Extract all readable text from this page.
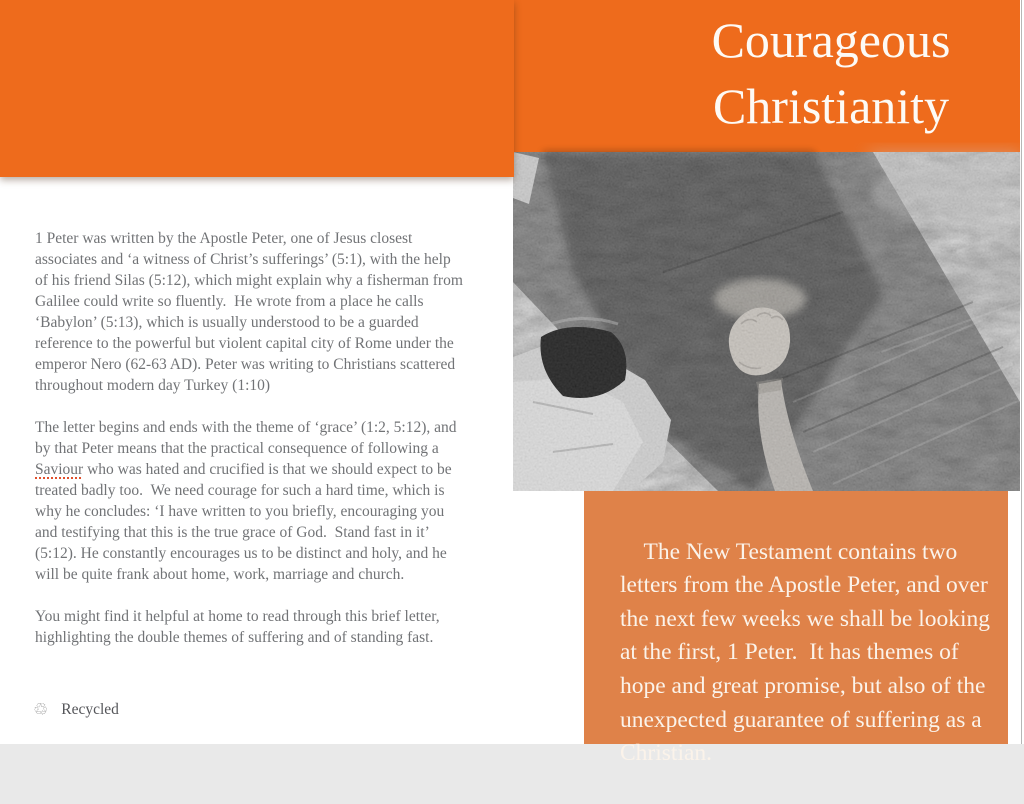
Courageous
Christianity

1 Peter was written by the Apostle Peter, one of Jesus closest associates and ‘a witness of Christ’s sufferings’ (5:1), with the help of his friend Silas (5:12), which might explain why a fisherman from Galilee could write so fluently.  He wrote from a place he calls ‘Babylon’ (5:13), which is usually understood to be a guarded reference to the powerful but violent capital city of Rome under the emperor Nero (62-63 AD). Peter was writing to Christians scattered throughout modern day Turkey (1:10)

The letter begins and ends with the theme of ‘grace’ (1:2, 5:12), and by that Peter means that the practical consequence of following a Saviour who was hated and crucified is that we should expect to be treated badly too.  We need courage for such a hard time, which is why he concludes: ‘I have written to you briefly, encouraging you and testifying that this is the true grace of God.  Stand fast in it’ (5:12). He constantly encourages us to be distinct and holy, and he will be quite frank about home, work, marriage and church.

You might find it helpful at home to read through this brief letter, highlighting the double themes of suffering and of standing fast.

The New Testament contains two letters from the Apostle Peter, and over the next few weeks we shall be looking at the first, 1 Peter.  It has themes of hope and great promise, but also of the unexpected guarantee of suffering as a Christian.

♲ Recycled
